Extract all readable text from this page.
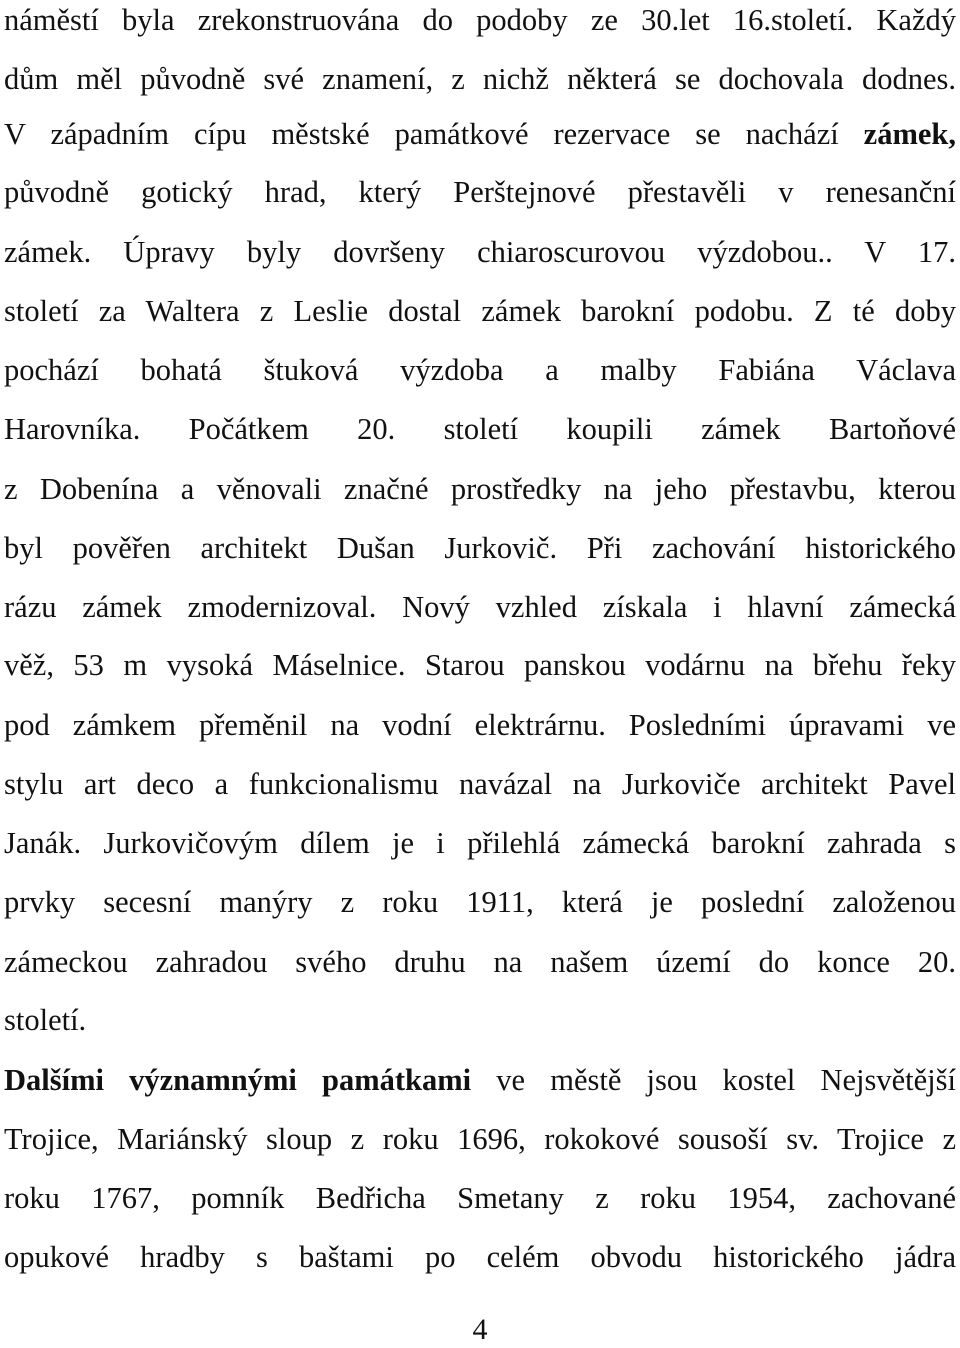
náměstí byla zrekonstruována do podoby ze 30.let 16.století. Každý
dům měl původně své znamení, z nichž některá se dochovala dodnes.
V západním cípu městské památkové rezervace se nachází zámek,
původně gotický hrad, který Perštejnové přestavěli v renesanční
zámek. Úpravy byly dovršeny chiaroscurovou výzdobou.. V 17.
století za Waltera z Leslie dostal zámek barokní podobu. Z té doby
pochází bohatá štuková výzdoba a malby Fabiána Václava
Harovníka. Počátkem 20. století koupili zámek Bartoňové
z Dobenína a věnovali značné prostředky na jeho přestavbu, kterou
byl pověřen architekt Dušan Jurkovič. Při zachování historického
rázu zámek zmodernizoval. Nový vzhled získala i hlavní zámecká
věž, 53 m vysoká Máselnice. Starou panskou vodárnu na břehu řeky
pod zámkem přeměnil na vodní elektrárnu. Posledními úpravami ve
stylu art deco a funkcionalismu navázal na Jurkoviče architekt Pavel
Janák. Jurkovičovým dílem je i přilehlá zámecká barokní zahrada s
prvky secesní manýry z roku 1911, která je poslední založenou
zámeckou zahradou svého druhu na našem území do konce 20.
století.
Dalšími významnými památkami ve městě jsou kostel Nejsvětější
Trojice, Mariánský sloup z roku 1696, rokokové sousoší sv. Trojice z
roku 1767, pomník Bedřicha Smetany z roku 1954, zachované
opukové hradby s baštami po celém obvodu historického jádra
4
